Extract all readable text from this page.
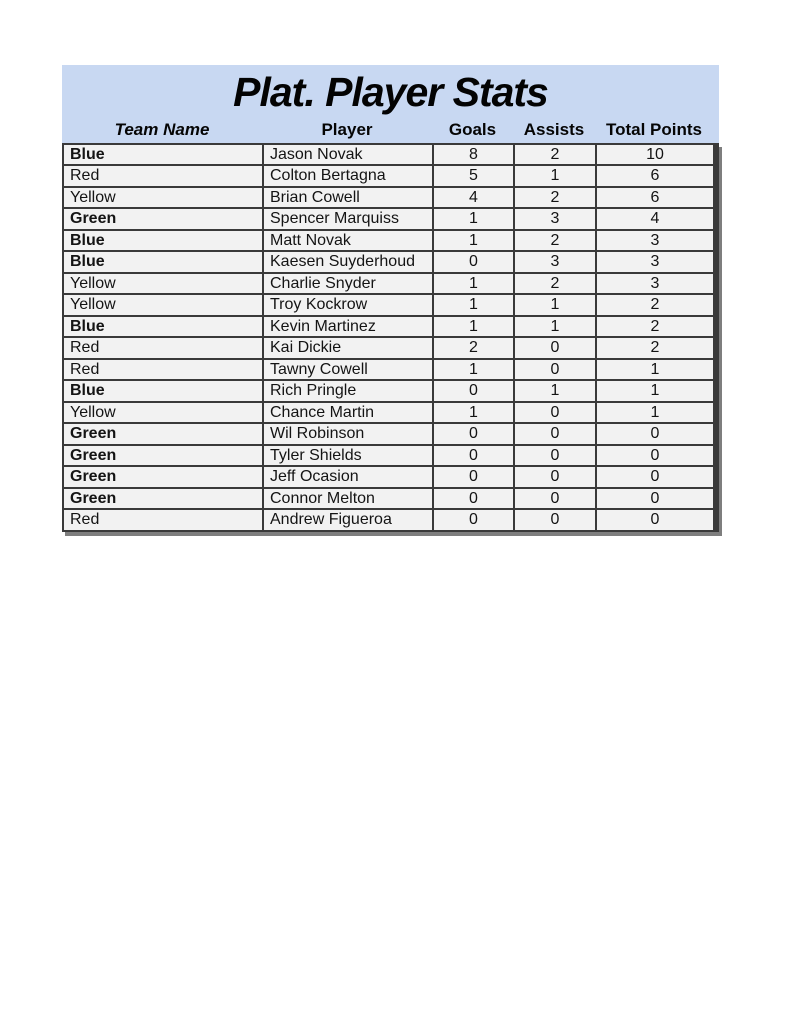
Plat. Player Stats
Team Name	Player	Goals	Assists	Total Points
Blue	Jason Novak	8	2	10
Red	Colton Bertagna	5	1	6
Yellow	Brian Cowell	4	2	6
Green	Spencer Marquiss	1	3	4
Blue	Matt Novak	1	2	3
Blue	Kaesen Suyderhoud	0	3	3
Yellow	Charlie Snyder	1	2	3
Yellow	Troy Kockrow	1	1	2
Blue	Kevin Martinez	1	1	2
Red	Kai Dickie	2	0	2
Red	Tawny Cowell	1	0	1
Blue	Rich Pringle	0	1	1
Yellow	Chance Martin	1	0	1
Green	Wil Robinson	0	0	0
Green	Tyler Shields	0	0	0
Green	Jeff Ocasion	0	0	0
Green	Connor Melton	0	0	0
Red	Andrew Figueroa	0	0	0
